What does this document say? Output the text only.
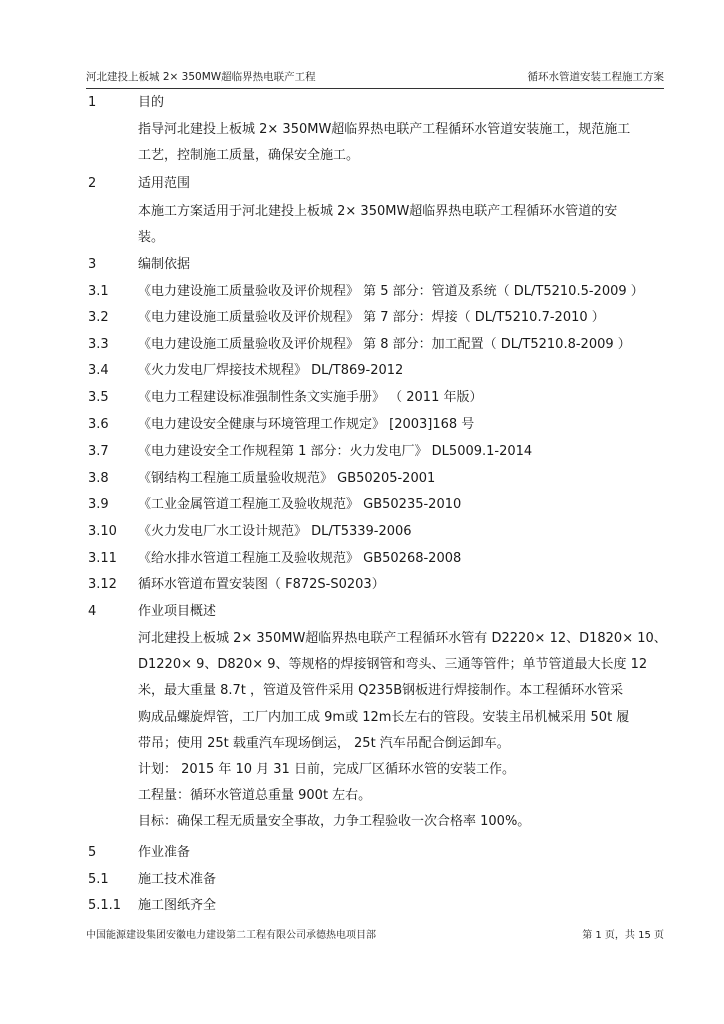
河北建投上板城 2× 350MW超临界热电联产工程	循环水管道安装工程施工方案
1	目的
指导河北建投上板城 2× 350MW超临界热电联产工程循环水管道安装施工，规范施工
工艺，控制施工质量，确保安全施工。
2	适用范围
本施工方案适用于河北建投上板城 2× 350MW超临界热电联产工程循环水管道的安
装。
3	编制依据
3.1 《电力建设施工质量验收及评价规程》 第 5 部分：管道及系统（ DL/T5210.5-2009 ）
3.2 《电力建设施工质量验收及评价规程》 第 7 部分：焊接（ DL/T5210.7-2010 ）
3.3 《电力建设施工质量验收及评价规程》 第 8 部分：加工配置（ DL/T5210.8-2009 ）
3.4 《火力发电厂焊接技术规程》 DL/T869-2012
3.5 《电力工程建设标准强制性条文实施手册》 （ 2011 年版）
3.6 《电力建设安全健康与环境管理工作规定》 [2003]168 号
3.7 《电力建设安全工作规程第 1 部分：火力发电厂》 DL5009.1-2014
3.8 《钢结构工程施工质量验收规范》 GB50205-2001
3.9 《工业金属管道工程施工及验收规范》 GB50235-2010
3.10 《火力发电厂水工设计规范》 DL/T5339-2006
3.11 《给水排水管道工程施工及验收规范》 GB50268-2008
3.12 循环水管道布置安装图（ F872S-S0203）
4	作业项目概述
河北建投上板城 2× 350MW超临界热电联产工程循环水管有 D2220× 12、D1820× 10、
D1220× 9、D820× 9、等规格的焊接钢管和弯头、三通等管件；单节管道最大长度 12
米，最大重量 8.7t ，管道及管件采用 Q235B钢板进行焊接制作。本工程循环水管采
购成品螺旋焊管，工厂内加工成 9m或 12m长左右的管段。安装主吊机械采用 50t 履
带吊；使用 25t 载重汽车现场倒运， 25t 汽车吊配合倒运卸车。
计划： 2015 年 10 月 31 日前，完成厂区循环水管的安装工作。
工程量：循环水管道总重量 900t 左右。
目标：确保工程无质量安全事故，力争工程验收一次合格率 100%。
5	作业准备
5.1 施工技术准备
5.1.1 施工图纸齐全
中国能源建设集团安徽电力建设第二工程有限公司承德热电项目部	第 1 页，共 15 页
